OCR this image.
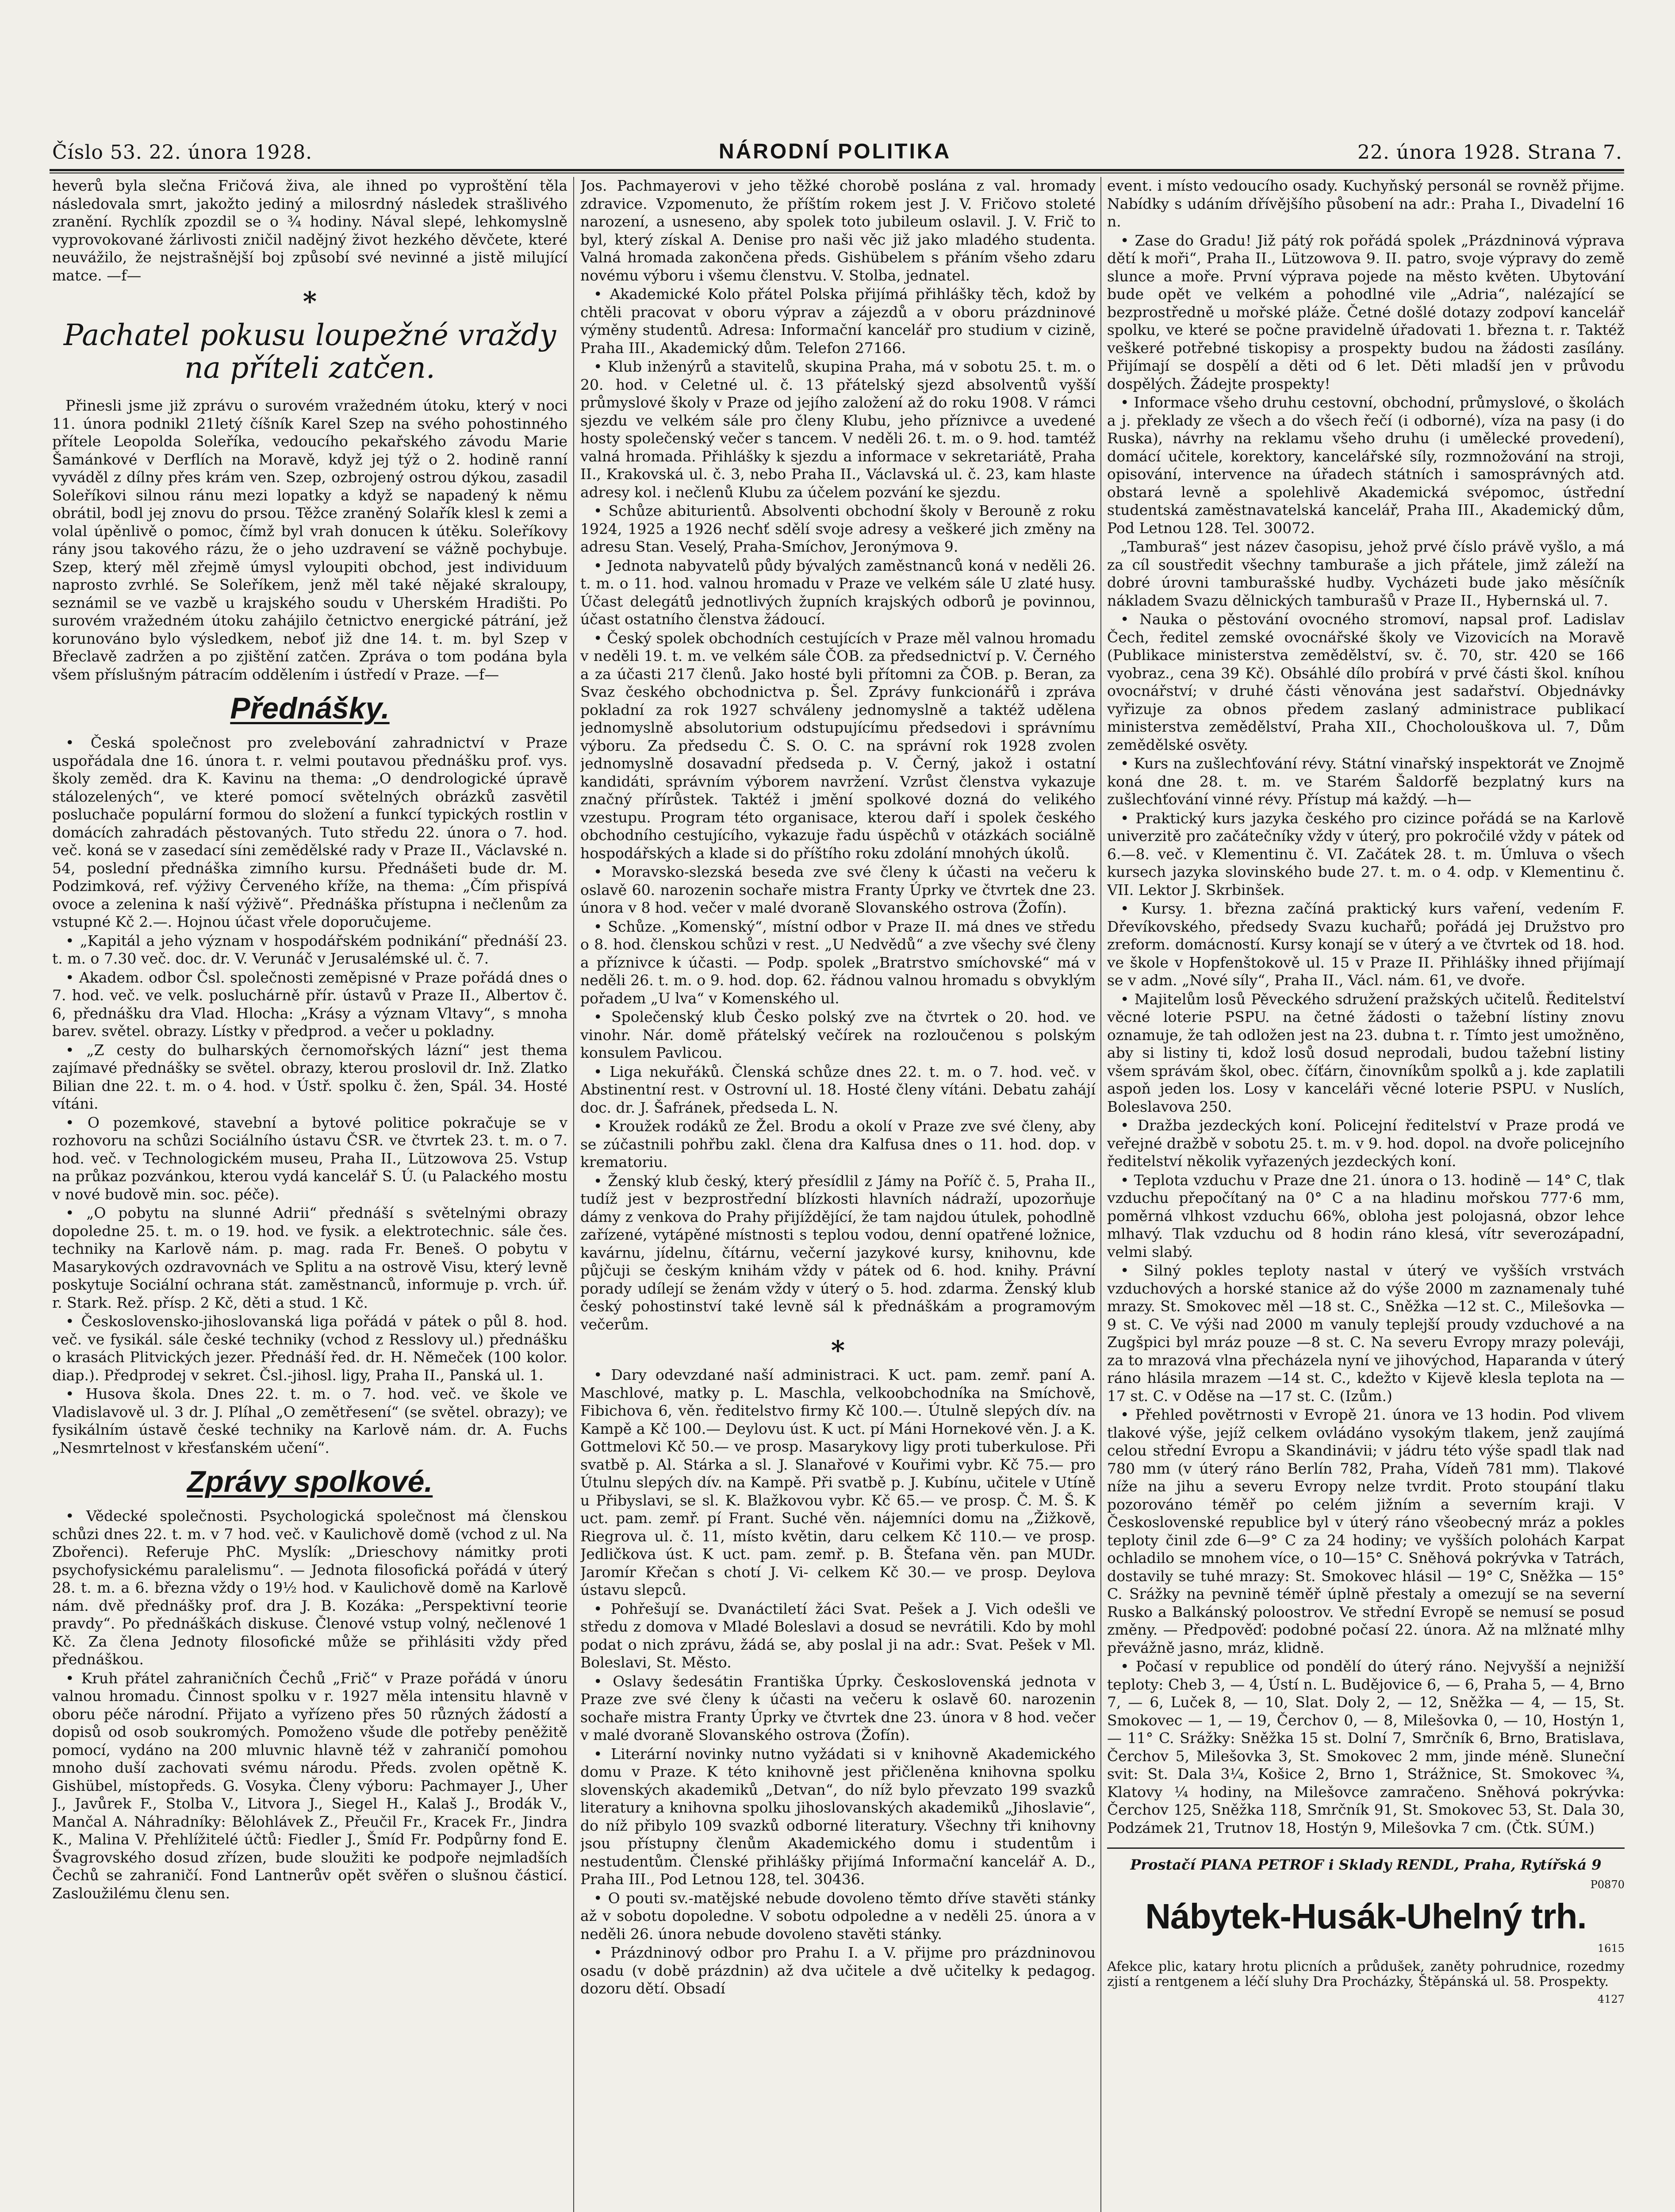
Číslo 53. 22. února 1928.	NÁRODNÍ POLITIKA	22. února 1928. Strana 7.

heverů byla slečna Fričová živa, ale ihned po vyproštění těla následovala smrt, jakožto jediný a milosrdný následek strašlivého zranění. Rychlík zpozdil se o ¾ hodiny. Nával slepé, lehkomyslně vyprovokované žárlivosti zničil nadějný život hezkého děvčete, které neuvážilo, že nejstrašnější boj způsobí své nevinné a jistě milující matce. —f—

*
Pachatel pokusu loupežné vraždy na příteli zatčen.

Přinesli jsme již zprávu o surovém vražedném útoku, který v noci 11. února podnikl 21letý číšník Karel Szep na svého pohostinného přítele Leopolda Soleříka, vedoucího pekařského závodu Marie Šamánkové v Derflích na Moravě, když jej týž o 2. hodině ranní vyváděl z dílny přes krám ven. Szep, ozbrojený ostrou dýkou, zasadil Soleříkovi silnou ránu mezi lopatky a když se napadený k němu obrátil, bodl jej znovu do prsou. Těžce zraněný Solařík klesl k zemi a volal úpěnlivě o pomoc, čímž byl vrah donucen k útěku. Soleříkovy rány jsou takového rázu, že o jeho uzdravení se vážně pochybuje. Szep, který měl zřejmě úmysl vyloupiti obchod, jest individuum naprosto zvrhlé. Se Soleříkem, jenž měl také nějaké skraloupy, seznámil se ve vazbě u krajského soudu v Uherském Hradišti. Po surovém vražedném útoku zahájilo četnictvo energické pátrání, jež korunováno bylo výsledkem, neboť již dne 14. t. m. byl Szep v Břeclavě zadržen a po zjištění zatčen. Zpráva o tom podána byla všem příslušným pátracím oddělením i ústředí v Praze. —f—

Přednášky.

• Česká společnost pro zvelebování zahradnictví v Praze uspořádala dne 16. února t. r. velmi poutavou přednášku prof. vys. školy zeměd. dra K. Kavinu na thema: „O dendrologické úpravě stálozelených“, ve které pomocí světelných obrázků zasvětil posluchače populární formou do složení a funkcí typických rostlin v domácích zahradách pěstovaných. Tuto středu 22. února o 7. hod. več. koná se v zasedací síni zemědělské rady v Praze II., Václavské n. 54, poslední přednáška zimního kursu. Přednášeti bude dr. M. Podzimková, ref. výživy Červeného kříže, na thema: „Čím přispívá ovoce a zelenina k naší výživě“. Přednáška přístupna i nečlenům za vstupné Kč 2.—. Hojnou účast vřele doporučujeme.

• „Kapitál a jeho význam v hospodářském podnikání“ přednáší 23. t. m. o 7.30 več. doc. dr. V. Verunáč v Jerusalémské ul. č. 7.

• Akadem. odbor Čsl. společnosti zeměpisné v Praze pořádá dnes o 7. hod. več. ve velk. posluchárně přír. ústavů v Praze II., Albertov č. 6, přednášku dra Vlad. Hlocha: „Krásy a význam Vltavy“, s mnoha barev. světel. obrazy. Lístky v předprod. a večer u pokladny.

• „Z cesty do bulharských černomořských lázní“ jest thema zajímavé přednášky se světel. obrazy, kterou proslovil dr. Inž. Zlatko Bilian dne 22. t. m. o 4. hod. v Ústř. spolku č. žen, Spál. 34. Hosté vítáni.

• O pozemkové, stavební a bytové politice pokračuje se v rozhovoru na schůzi Sociálního ústavu ČSR. ve čtvrtek 23. t. m. o 7. hod. več. v Technologickém museu, Praha II., Lützowova 25. Vstup na průkaz pozvánkou, kterou vydá kancelář S. Ú. (u Palackého mostu v nové budově min. soc. péče).

• „O pobytu na slunné Adrii“ přednáší s světelnými obrazy dopoledne 25. t. m. o 19. hod. ve fysik. a elektrotechnic. sále čes. techniky na Karlově nám. p. mag. rada Fr. Beneš. O pobytu v Masarykových ozdravovnách ve Splitu a na ostrově Visu, který levně poskytuje Sociální ochrana stát. zaměstnanců, informuje p. vrch. úř. r. Stark. Rež. přísp. 2 Kč, děti a stud. 1 Kč.

• Československo-jihoslovanská liga pořádá v pátek o půl 8. hod. več. ve fysikál. sále české techniky (vchod z Resslovy ul.) přednášku o krasách Plitvických jezer. Přednáší řed. dr. H. Němeček (100 kolor. diap.). Předprodej v sekret. Čsl.-jihosl. ligy, Praha II., Panská ul. 1.

• Husova škola. Dnes 22. t. m. o 7. hod. več. ve škole ve Vladislavově ul. 3 dr. J. Plíhal „O zemětřesení“ (se světel. obrazy); ve fysikálním ústavě české techniky na Karlově nám. dr. A. Fuchs „Nesmrtelnost v křesťanském učení“.

Zprávy spolkové.

• Vědecké společnosti. Psychologická společnost má členskou schůzi dnes 22. t. m. v 7 hod. več. v Kaulichově domě (vchod z ul. Na Zbořenci). Referuje PhC. Myslík: „Drieschovy námitky proti psychofysickému paralelismu“. — Jednota filosofická pořádá v úterý 28. t. m. a 6. března vždy o 19½ hod. v Kaulichově domě na Karlově nám. dvě přednášky prof. dra J. B. Kozáka: „Perspektivní teorie pravdy“. Po přednáškách diskuse. Členové vstup volný, nečlenové 1 Kč. Za člena Jednoty filosofické může se přihlásiti vždy před přednáškou.

• Kruh přátel zahraničních Čechů „Frič“ v Praze pořádá v únoru valnou hromadu. Činnost spolku v r. 1927 měla intensitu hlavně v oboru péče národní. Přijato a vyřízeno přes 50 různých žádostí a dopisů od osob soukromých. Pomoženo všude dle potřeby peněžitě pomocí, vydáno na 200 mluvnic hlavně též v zahraničí pomohou mnoho duší zachovati svému národu. Předs. zvolen opětně K. Gishübel, místopředs. G. Vosyka. Členy výboru: Pachmayer J., Uher J., Javůrek F., Stolba V., Litvora J., Siegel H., Kalaš J., Brodák V., Mančal A. Náhradníky: Bělohlávek Z., Přeučil Fr., Kracek Fr., Jindra K., Malina V. Přehlížitelé účtů: Fiedler J., Šmíd Fr. Podpůrny fond E. Švagrovského dosud zřízen, bude sloužiti ke podpoře nejmladších Čechů se zahraničí. Fond Lantnerův opět svěřen o slušnou částicí. Zasloužilému členu sen.

Jos. Pachmayerovi v jeho těžké chorobě poslána z val. hromady zdravice. Vzpomenuto, že příštím rokem jest J. V. Fričovo stoleté narození, a usneseno, aby spolek toto jubileum oslavil. J. V. Frič to byl, který získal A. Denise pro naši věc již jako mladého studenta. Valná hromada zakončena předs. Gishübelem s přáním všeho zdaru novému výboru i všemu členstvu. V. Stolba, jednatel.

• Akademické Kolo přátel Polska přijímá přihlášky těch, kdož by chtěli pracovat v oboru výprav a zájezdů a v oboru prázdninové výměny studentů. Adresa: Informační kancelář pro studium v cizině, Praha III., Akademický dům. Telefon 27166.

• Klub inženýrů a stavitelů, skupina Praha, má v sobotu 25. t. m. o 20. hod. v Celetné ul. č. 13 přátelský sjezd absolventů vyšší průmyslové školy v Praze od jejího založení až do roku 1908. V rámci sjezdu ve velkém sále pro členy Klubu, jeho příznivce a uvedené hosty společenský večer s tancem. V neděli 26. t. m. o 9. hod. tamtéž valná hromada. Přihlášky k sjezdu a informace v sekretariátě, Praha II., Krakovská ul. č. 3, nebo Praha II., Václavská ul. č. 23, kam hlaste adresy kol. i nečlenů Klubu za účelem pozvání ke sjezdu.

• Schůze abiturientů. Absolventi obchodní školy v Berouně z roku 1924, 1925 a 1926 nechť sdělí svoje adresy a veškeré jich změny na adresu Stan. Veselý, Praha-Smíchov, Jeronýmova 9.

• Jednota nabyvatelů půdy bývalých zaměstnanců koná v neděli 26. t. m. o 11. hod. valnou hromadu v Praze ve velkém sále U zlaté husy. Účast delegátů jednotlivých župních krajských odborů je povinnou, účast ostatního členstva žádoucí.

• Český spolek obchodních cestujících v Praze měl valnou hromadu v neděli 19. t. m. ve velkém sále ČOB. za předsednictví p. V. Černého a za účasti 217 členů. Jako hosté byli přítomni za ČOB. p. Beran, za Svaz českého obchodnictva p. Šel. Zprávy funkcionářů i zpráva pokladní za rok 1927 schváleny jednomyslně a taktéž udělena jednomyslně absolutorium odstupujícímu předsedovi i správnímu výboru. Za předsedu Č. S. O. C. na správní rok 1928 zvolen jednomyslně dosavadní předseda p. V. Černý, jakož i ostatní kandidáti, správním výborem navržení. Vzrůst členstva vykazuje značný přírůstek. Taktéž i jmění spolkové dozná do velikého vzestupu. Program této organisace, kterou daří i spolek českého obchodního cestujícího, vykazuje řadu úspěchů v otázkách sociálně hospodářských a klade si do příštího roku zdolání mnohých úkolů.

• Moravsko-slezská beseda zve své členy k účasti na večeru k oslavě 60. narozenin sochaře mistra Franty Úprky ve čtvrtek dne 23. února v 8 hod. večer v malé dvoraně Slovanského ostrova (Žofín).

• Schůze. „Komenský“, místní odbor v Praze II. má dnes ve středu o 8. hod. členskou schůzi v rest. „U Nedvědů“ a zve všechy své členy a příznivce k účasti. — Podp. spolek „Bratrstvo smíchovské“ má v neděli 26. t. m. o 9. hod. dop. 62. řádnou valnou hromadu s obvyklým pořadem „U lva“ v Komenského ul.

• Společenský klub Česko polský zve na čtvrtek o 20. hod. ve vinohr. Nár. domě přátelský večírek na rozloučenou s polským konsulem Pavlicou.

• Liga nekuřáků. Členská schůze dnes 22. t. m. o 7. hod. več. v Abstinentní rest. v Ostrovní ul. 18. Hosté členy vítáni. Debatu zahájí doc. dr. J. Šafránek, předseda L. N.

• Kroužek rodáků ze Žel. Brodu a okolí v Praze zve své členy, aby se zúčastnili pohřbu zakl. člena dra Kalfusa dnes o 11. hod. dop. v krematoriu.

• Ženský klub český, který přesídlil z Jámy na Poříč č. 5, Praha II., tudíž jest v bezprostřední blízkosti hlavních nádraží, upozorňuje dámy z venkova do Prahy přijíždějící, že tam najdou útulek, pohodlně zařízené, vytápěné místnosti s teplou vodou, denní opatřené ložnice, kavárnu, jídelnu, čítárnu, večerní jazykové kursy, knihovnu, kde půjčuji se českým knihám vždy v pátek od 6. hod. knihy. Právní porady udílejí se ženám vždy v úterý o 5. hod. zdarma. Ženský klub český pohostinství také levně sál k přednáškám a programovým večerům.

*

• Dary odevzdané naší administraci. K uct. pam. zemř. paní A. Maschlové, matky p. L. Maschla, velkoobchodníka na Smíchově, Fibichova 6, věn. ředitelstvo firmy Kč 100.—. Útulně slepých dív. na Kampě a Kč 100.— Deylovu úst. K uct. pí Máni Hornekové věn. J. a K. Gottmelovi Kč 50.— ve prosp. Masarykovy ligy proti tuberkulose. Při svatbě p. Al. Stárka a sl. J. Slanařové v Kouřimi vybr. Kč 75.— pro Útulnu slepých dív. na Kampě. Při svatbě p. J. Kubínu, učitele v Utíně u Přibyslavi, se sl. K. Blažkovou vybr. Kč 65.— ve prosp. Č. M. Š. K uct. pam. zemř. pí Frant. Suché věn. nájemníci domu na „Žižkově, Riegrova ul. č. 11, místo květin, daru celkem Kč 110.— ve prosp. Jedličkova úst. K uct. pam. zemř. p. B. Štefana věn. pan MUDr. Jaromír Křečan s chotí J. Vi‑ celkem Kč 30.— ve prosp. Deylova ústavu slepců.

• Pohřešují se. Dvanáctiletí žáci Svat. Pešek a J. Vich odešli ve středu z domova v Mladé Boleslavi a dosud se nevrátili. Kdo by mohl podat o nich zprávu, žádá se, aby poslal ji na adr.: Svat. Pešek v Ml. Boleslavi, St. Město.

• Oslavy šedesátin Františka Úprky. Československá jednota v Praze zve své členy k účasti na večeru k oslavě 60. narozenin sochaře mistra Franty Úprky ve čtvrtek dne 23. února v 8 hod. večer v malé dvoraně Slovanského ostrova (Žofín).

• Literární novinky nutno vyžádati si v knihovně Akademického domu v Praze. K této knihovně jest přičleněna knihovna spolku slovenských akademiků „Detvan“, do níž bylo převzato 199 svazků literatury a knihovna spolku jihoslovanských akademiků „Jihoslavie“, do níž přibylo 109 svazků odborné literatury. Všechny tři knihovny jsou přístupny členům Akademického domu i studentům i nestudentům. Členské přihlášky přijímá Informační kancelář A. D., Praha III., Pod Letnou 128, tel. 30436.

• O pouti sv.-matějské nebude dovoleno těmto dříve stavěti stánky až v sobotu dopoledne. V sobotu odpoledne a v neděli 25. února a v neděli 26. února nebude dovoleno stavěti stánky.

• Prázdninový odbor pro Prahu I. a V. přijme pro prázdninovou osadu (v době prázdnin) až dva učitele a dvě učitelky k pedagog. dozoru dětí. Obsadí

event. i místo vedoucího osady. Kuchyňský personál se rovněž přijme. Nabídky s udáním dřívějšího působení na adr.: Praha I., Divadelní 16 n.

• Zase do Gradu! Již pátý rok pořádá spolek „Prázdninová výprava dětí k moři“, Praha II., Lützowova 9. II. patro, svoje výpravy do země slunce a moře. První výprava pojede na město květen. Ubytování bude opět ve velkém a pohodlné vile „Adria“, nalézající se bezprostředně u mořské pláže. Četné došlé dotazy zodpoví kancelář spolku, ve které se počne pravidelně úřadovati 1. března t. r. Taktéž veškeré potřebné tiskopisy a prospekty budou na žádosti zasílány. Přijímají se dospělí a děti od 6 let. Děti mladší jen v průvodu dospělých. Žádejte prospekty!

• Informace všeho druhu cestovní, obchodní, průmyslové, o školách a j. překlady ze všech a do všech řečí (i odborné), víza na pasy (i do Ruska), návrhy na reklamu všeho druhu (i umělecké provedení), domácí učitele, korektory, kancelářské síly, rozmnožování na stroji, opisování, intervence na úřadech státních i samosprávných atd. obstará levně a spolehlivě Akademická svépomoc, ústřední studentská zaměstnavatelská kancelář, Praha III., Akademický dům, Pod Letnou 128. Tel. 30072.

„Tamburaš“ jest název časopisu, jehož prvé číslo právě vyšlo, a má za cíl soustředit všechny tamburaše a jich přátele, jimž záleží na dobré úrovni tamburašské hudby. Vycházeti bude jako měsíčník nákladem Svazu dělnických tamburašů v Praze II., Hybernská ul. 7.

• Nauka o pěstování ovocného stromoví, napsal prof. Ladislav Čech, ředitel zemské ovocnářské školy ve Vizovicích na Moravě (Publikace ministerstva zemědělství, sv. č. 70, str. 420 se 166 vyobraz., cena 39 Kč). Obsáhlé dílo probírá v prvé části škol. kníhou ovocnářství; v druhé části věnována jest sadařství. Objednávky vyřizuje za obnos předem zaslaný administrace publikací ministerstva zemědělství, Praha XII., Chocholouškova ul. 7, Dům zemědělské osvěty.

• Kurs na zušlechťování révy. Státní vinařský inspektorát ve Znojmě koná dne 28. t. m. ve Starém Šaldorfě bezplatný kurs na zušlechťování vinné révy. Přístup má každý. —h—

• Praktický kurs jazyka českého pro cizince pořádá se na Karlově univerzitě pro začátečníky vždy v úterý, pro pokročilé vždy v pátek od 6.—8. več. v Klementinu č. VI. Začátek 28. t. m. Úmluva o všech kursech jazyka slovinského bude 27. t. m. o 4. odp. v Klementinu č. VII. Lektor J. Skrbinšek.

• Kursy. 1. března začíná praktický kurs vaření, vedením F. Dřevíkovského, předsedy Svazu kuchařů; pořádá jej Družstvo pro zreform. domácností. Kursy konají se v úterý a ve čtvrtek od 18. hod. ve škole v Hopfenštokově ul. 15 v Praze II. Přihlášky ihned přijímají se v adm. „Nové síly“, Praha II., Václ. nám. 61, ve dvoře.

• Majitelům losů Pěveckého sdružení pražských učitelů. Ředitelství věcné loterie PSPU. na četné žádosti o tažební lístiny znovu oznamuje, že tah odložen jest na 23. dubna t. r. Tímto jest umožněno, aby si listiny ti, kdož losů dosud neprodali, budou tažební listiny všem správám škol, obec. číťárn, činovníkům spolků a j. kde zaplatili aspoň jeden los. Losy v kanceláři věcné loterie PSPU. v Nuslích, Boleslavova 250.

• Dražba jezdeckých koní. Policejní ředitelství v Praze prodá ve veřejné dražbě v sobotu 25. t. m. v 9. hod. dopol. na dvoře policejního ředitelství několik vyřazených jezdeckých koní.

• Teplota vzduchu v Praze dne 21. února o 13. hodině — 14° C, tlak vzduchu přepočítaný na 0° C a na hladinu mořskou 777·6 mm, poměrná vlhkost vzduchu 66%, obloha jest polojasná, obzor lehce mlhavý. Tlak vzduchu od 8 hodin ráno klesá, vítr severozápadní, velmi slabý.

• Silný pokles teploty nastal v úterý ve vyšších vrstvách vzduchových a horské stanice až do výše 2000 m zaznamenaly tuhé mrazy. St. Smokovec měl —18 st. C., Sněžka —12 st. C., Milešovka —9 st. C. Ve výši nad 2000 m vanuly teplejší proudy vzduchové a na Zugšpici byl mráz pouze —8 st. C. Na severu Evropy mrazy poleváji, za to mrazová vlna přecházela nyní ve jihovýchod, Haparanda v úterý ráno hlásila mrazem —14 st. C., kdežto v Kijevě klesla teplota na —17 st. C. v Oděse na —17 st. C. (Izům.)

• Přehled povětrnosti v Evropě 21. února ve 13 hodin. Pod vlivem tlakové výše, jejíž celkem ovládáno vysokým tlakem, jenž zaujímá celou střední Evropu a Skandinávii; v jádru této výše spadl tlak nad 780 mm (v úterý ráno Berlín 782, Praha, Vídeň 781 mm). Tlakové níže na jihu a severu Evropy nelze tvrdit. Proto stoupání tlaku pozorováno téměř po celém jižním a severním kraji. V Československé republice byl v úterý ráno všeobecný mráz a pokles teploty činil zde 6—9° C za 24 hodiny; ve vyšších polohách Karpat ochladilo se mnohem více, o 10—15° C. Sněhová pokrývka v Tatrách, dostavily se tuhé mrazy: St. Smokovec hlásil — 19° C, Sněžka — 15° C. Srážky na pevnině téměř úplně přestaly a omezují se na severní Rusko a Balkánský poloostrov. Ve střední Evropě se nemusí se posud změny. — Předpověď: podobné počasí 22. února. Až na mlžnaté mlhy převážně jasno, mráz, klidně.

• Počasí v republice od pondělí do úterý ráno. Nejvyšší a nejnižší teploty: Cheb 3, — 4, Ústí n. L. Budějovice 6, — 6, Praha 5, — 4, Brno 7, — 6, Luček 8, — 10, Slat. Doly 2, — 12, Sněžka — 4, — 15, St. Smokovec — 1, — 19, Čerchov 0, — 8, Milešovka 0, — 10, Hostýn 1, — 11° C. Srážky: Sněžka 15 st. Dolní 7, Smrčník 6, Brno, Bratislava, Čerchov 5, Milešovka 3, St. Smokovec 2 mm, jinde méně. Sluneční svit: St. Dala 3¼, Košice 2, Brno 1, Strážnice, St. Smokovec ¾, Klatovy ¼ hodiny, na Milešovce zamračeno. Sněhová pokrývka: Čerchov 125, Sněžka 118, Smrčník 91, St. Smokovec 53, St. Dala 30, Podzámek 21, Trutnov 18, Hostýn 9, Milešovka 7 cm. (Čtk. SÚM.)

Prostačí PIANA PETROF i Sklady RENDL, Praha, Rytířská 9
P0870
Nábytek-Husák-Uhelný trh.
1615

Afekce plic, katary hrotu plicních a průdušek, zaněty pohrudnice, rozedmy zjistí a rentgenem a léčí sluhy Dra Procházky, Štěpánská ul. 58. Prospekty.

4127
